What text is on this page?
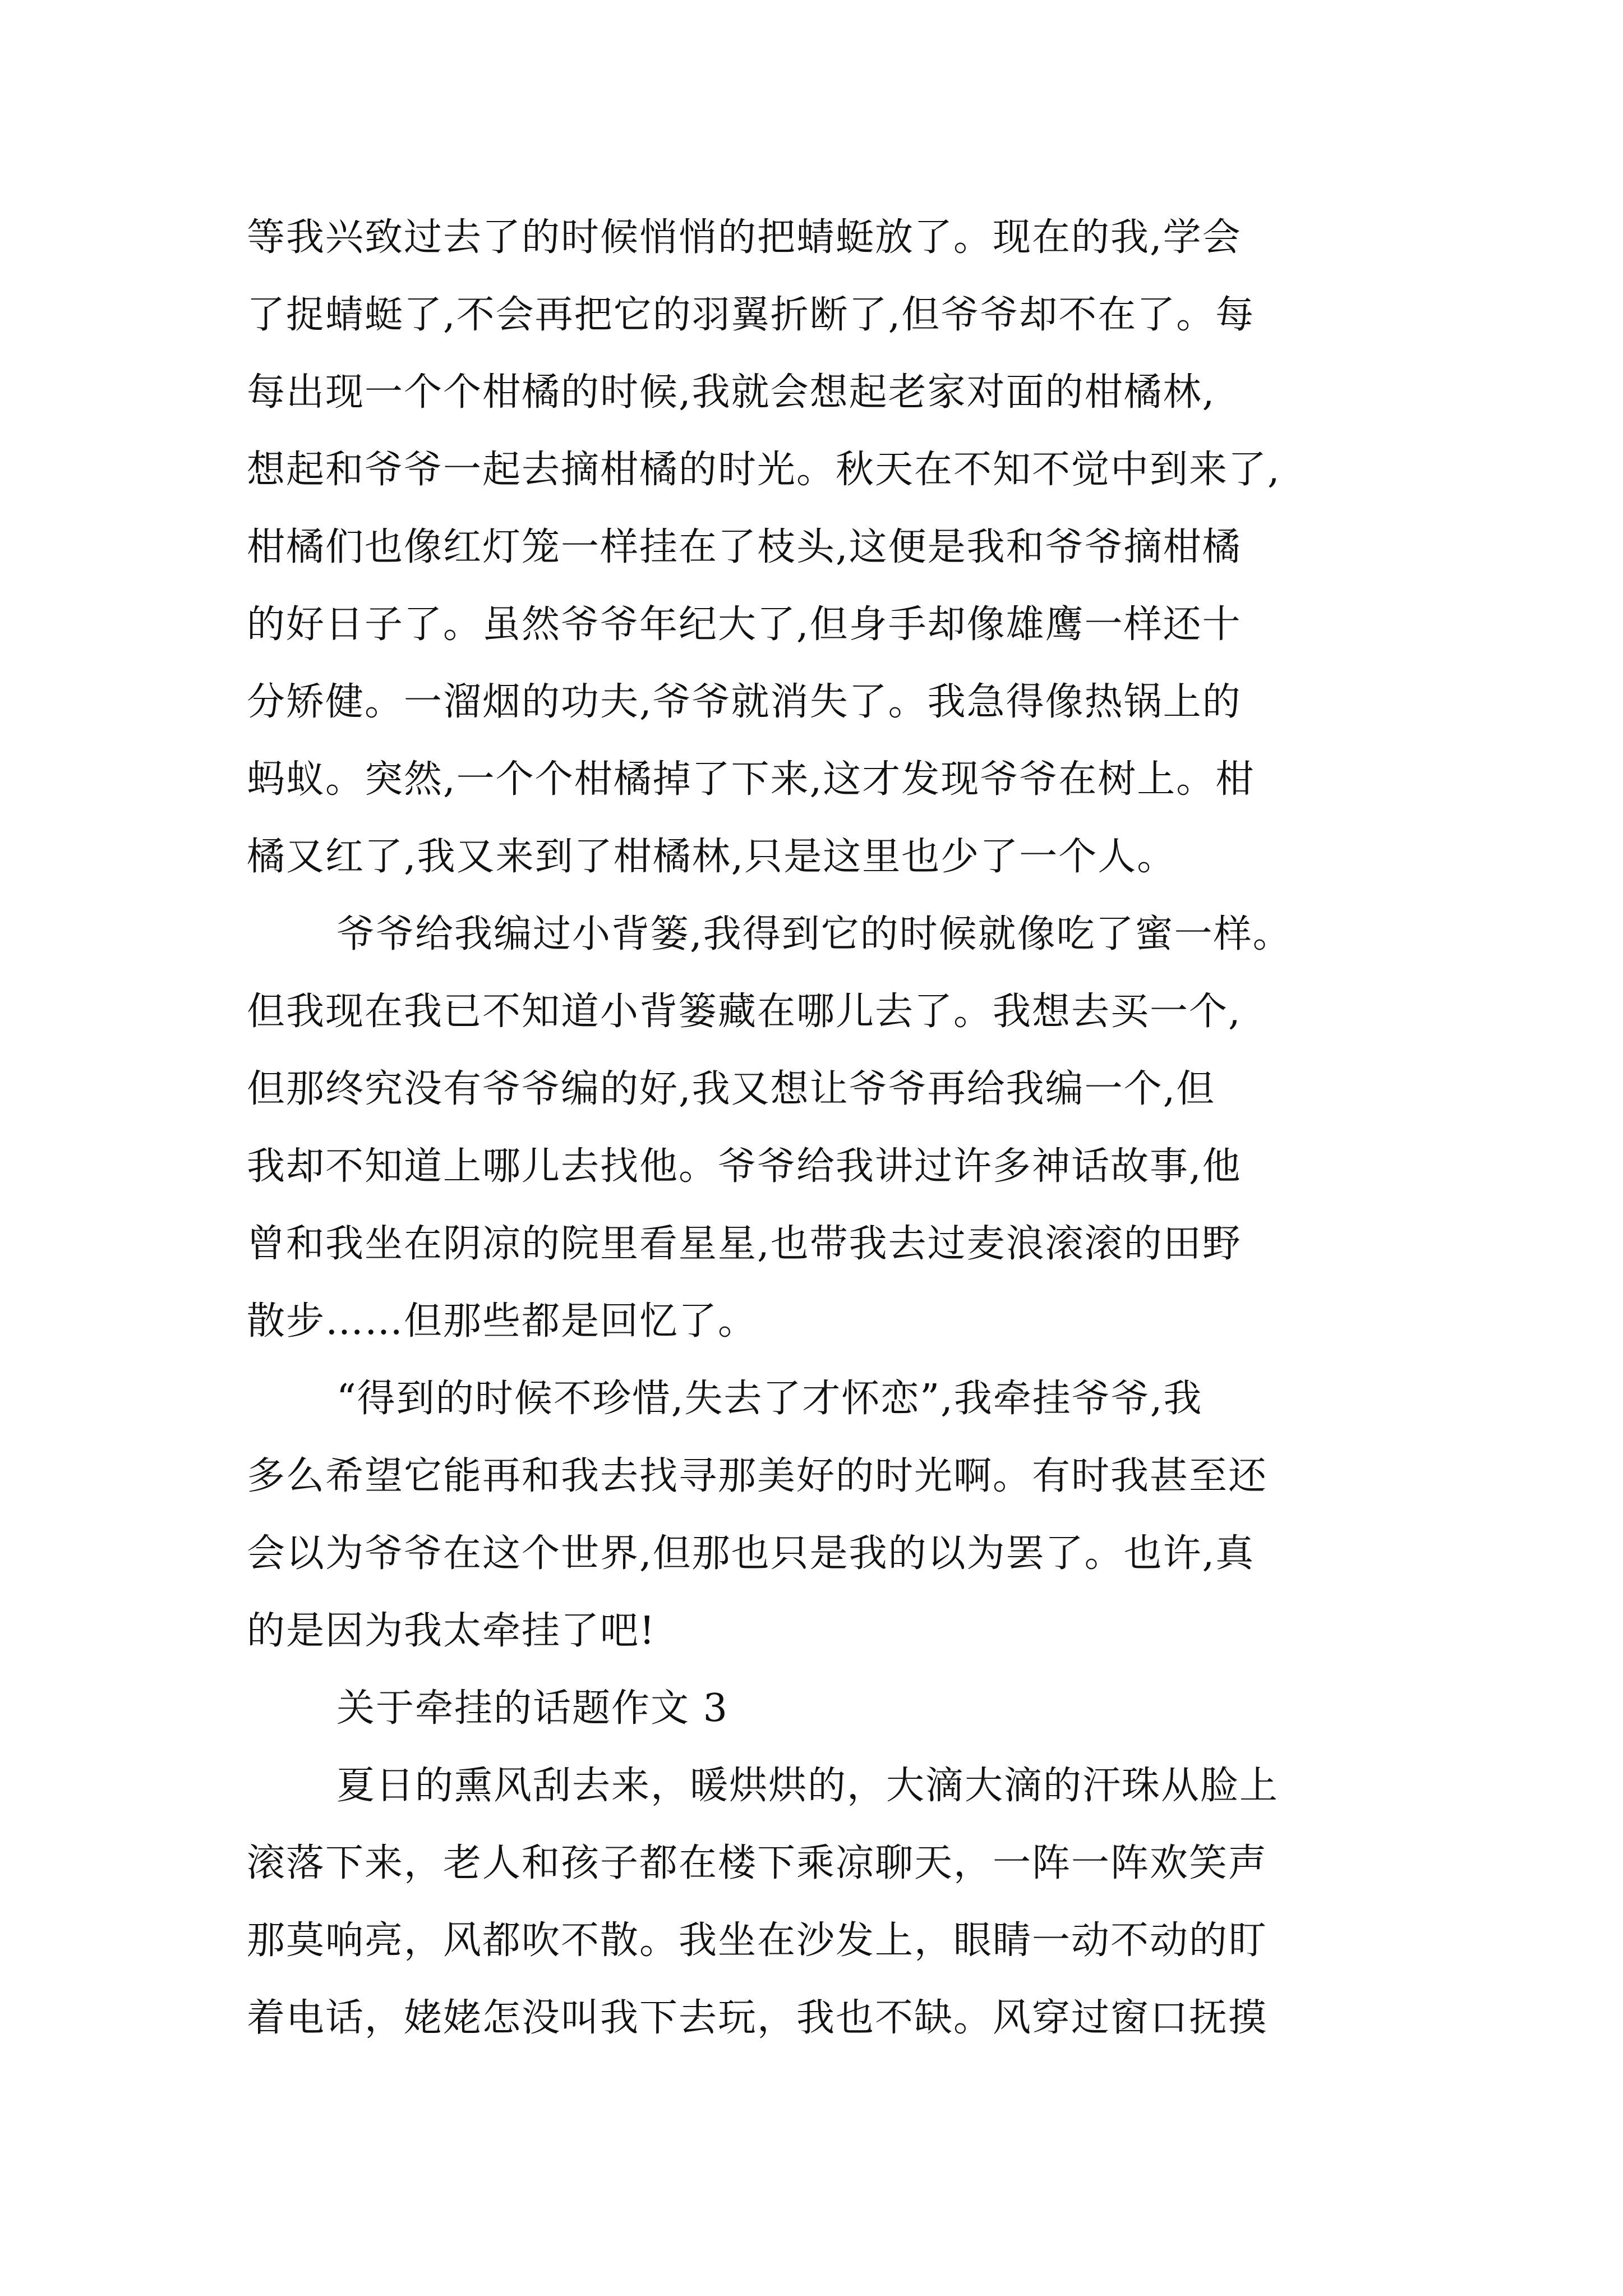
等我兴致过去了的时候悄悄的把蜻蜓放了。现在的我,学会
了捉蜻蜓了,不会再把它的羽翼折断了,但爷爷却不在了。每
每出现一个个柑橘的时候,我就会想起老家对面的柑橘林,
想起和爷爷一起去摘柑橘的时光。秋天在不知不觉中到来了,
柑橘们也像红灯笼一样挂在了枝头,这便是我和爷爷摘柑橘
的好日子了。虽然爷爷年纪大了,但身手却像雄鹰一样还十
分矫健。一溜烟的功夫,爷爷就消失了。我急得像热锅上的
蚂蚁。突然,一个个柑橘掉了下来,这才发现爷爷在树上。柑
橘又红了,我又来到了柑橘林,只是这里也少了一个人。
爷爷给我编过小背篓,我得到它的时候就像吃了蜜一样。
但我现在我已不知道小背篓藏在哪儿去了。我想去买一个,
但那终究没有爷爷编的好,我又想让爷爷再给我编一个,但
我却不知道上哪儿去找他。爷爷给我讲过许多神话故事,他
曾和我坐在阴凉的院里看星星,也带我去过麦浪滚滚的田野
散步……但那些都是回忆了。
“得到的时候不珍惜,失去了才怀恋”,我牵挂爷爷,我
多么希望它能再和我去找寻那美好的时光啊。有时我甚至还
会以为爷爷在这个世界,但那也只是我的以为罢了。也许,真
的是因为我太牵挂了吧!
关于牵挂的话题作文 3
夏日的熏风刮去来，暖烘烘的，大滴大滴的汗珠从脸上
滚落下来，老人和孩子都在楼下乘凉聊天，一阵一阵欢笑声
那莫响亮，风都吹不散。我坐在沙发上，眼睛一动不动的盯
着电话，姥姥怎没叫我下去玩，我也不缺。风穿过窗口抚摸
